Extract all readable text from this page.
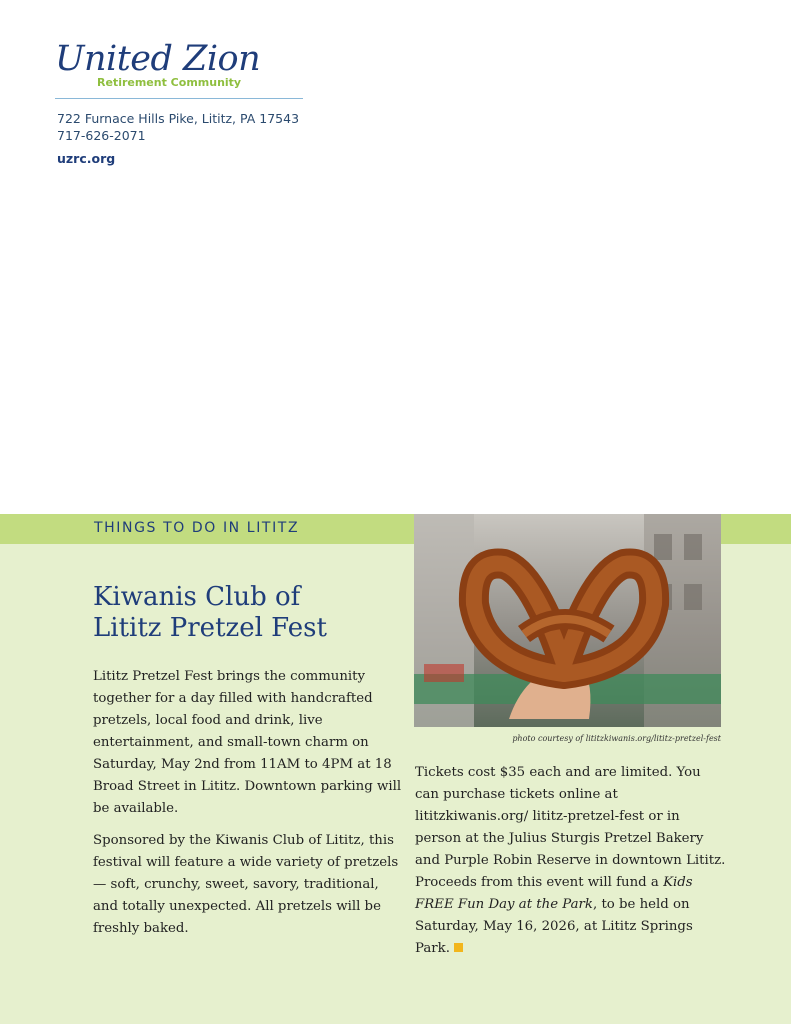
United Zion
Retirement Community
722 Furnace Hills Pike, Lititz, PA 17543
717-626-2071
uzrc.org
THINGS TO DO IN LITITZ
photo courtesy of lititzkiwanis.org/lititz-pretzel-fest
Kiwanis Club of
Lititz Pretzel Fest

Lititz Pretzel Fest brings the community together for a day filled with handcrafted pretzels, local food and drink, live entertainment, and small-town charm on Saturday, May 2nd from 11AM to 4PM at 18 Broad Street in Lititz. Downtown parking will be available.

Sponsored by the Kiwanis Club of Lititz, this festival will feature a wide variety of pretzels — soft, crunchy, sweet, savory, traditional, and totally unexpected. All pretzels will be freshly baked.

Tickets cost $35 each and are limited. You can purchase tickets online at lititzkiwanis.org/ lititz-pretzel-fest or in person at the Julius Sturgis Pretzel Bakery and Purple Robin Reserve in downtown Lititz. Proceeds from this event will fund a Kids FREE Fun Day at the Park, to be held on Saturday, May 16, 2026, at Lititz Springs Park.
